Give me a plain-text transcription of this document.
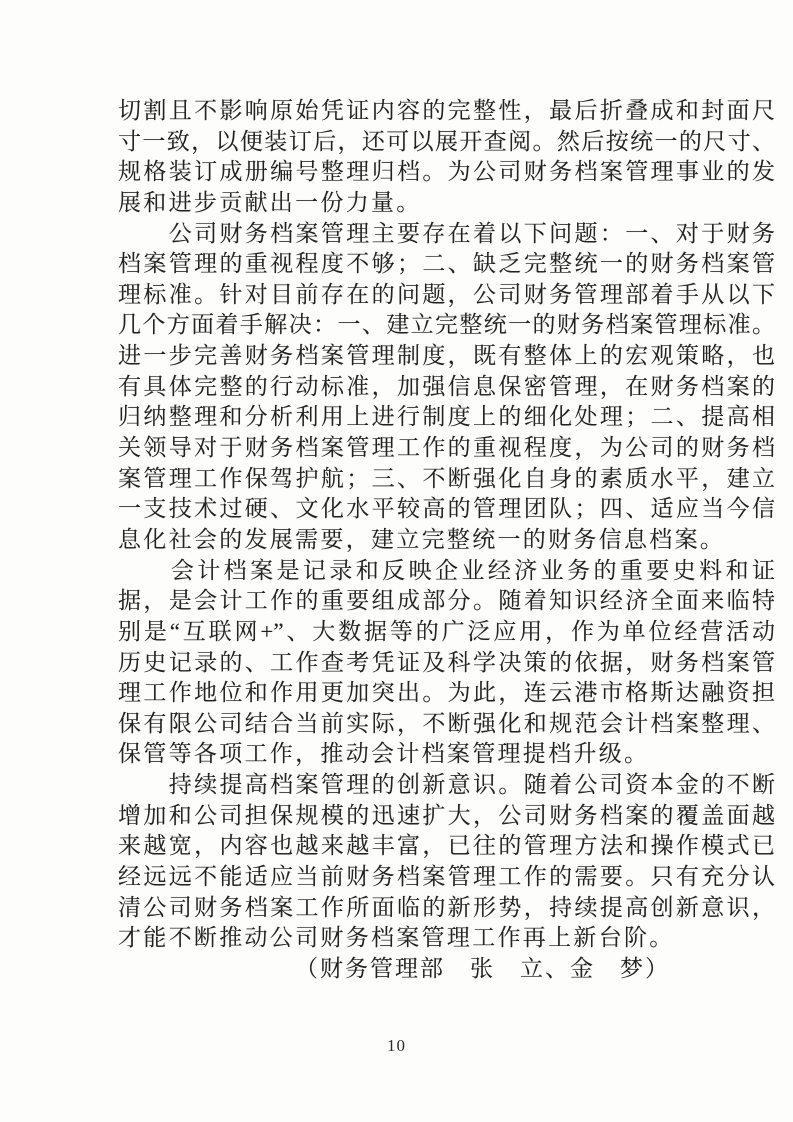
切割且不影响原始凭证内容的完整性，最后折叠成和封面尺
寸一致，以便装订后，还可以展开查阅。然后按统一的尺寸、
规格装订成册编号整理归档。为公司财务档案管理事业的发
展和进步贡献出一份力量。
　　公司财务档案管理主要存在着以下问题：一、对于财务
档案管理的重视程度不够；二、缺乏完整统一的财务档案管
理标准。针对目前存在的问题，公司财务管理部着手从以下
几个方面着手解决：一、建立完整统一的财务档案管理标准。
进一步完善财务档案管理制度，既有整体上的宏观策略，也
有具体完整的行动标准，加强信息保密管理，在财务档案的
归纳整理和分析利用上进行制度上的细化处理；二、提高相
关领导对于财务档案管理工作的重视程度，为公司的财务档
案管理工作保驾护航；三、不断强化自身的素质水平，建立
一支技术过硬、文化水平较高的管理团队；四、适应当今信
息化社会的发展需要，建立完整统一的财务信息档案。
　　会计档案是记录和反映企业经济业务的重要史料和证
据，是会计工作的重要组成部分。随着知识经济全面来临特
别是“互联网+”、大数据等的广泛应用，作为单位经营活动
历史记录的、工作查考凭证及科学决策的依据，财务档案管
理工作地位和作用更加突出。为此，连云港市格斯达融资担
保有限公司结合当前实际，不断强化和规范会计档案整理、
保管等各项工作，推动会计档案管理提档升级。
　　持续提高档案管理的创新意识。随着公司资本金的不断
增加和公司担保规模的迅速扩大，公司财务档案的覆盖面越
来越宽，内容也越来越丰富，已往的管理方法和操作模式已
经远远不能适应当前财务档案管理工作的需要。只有充分认
清公司财务档案工作所面临的新形势，持续提高创新意识，
才能不断推动公司财务档案管理工作再上新台阶。
（财务管理部　张　立、金　梦）
10
